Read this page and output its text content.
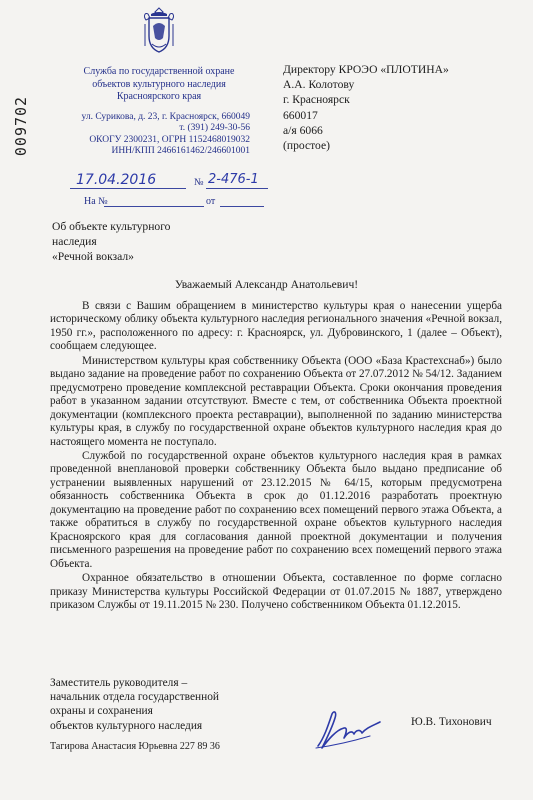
009702
Служба по государственной охране
объектов культурного наследия
Красноярского края
ул. Сурикова, д. 23, г. Красноярск, 660049
т. (391) 249-30-56
ОКОГУ 2300231, ОГРН 1152468019032
ИНН/КПП 2466161462/246601001
17.04.2016	№ 2-476-1
На №	от
Директору КРОЭО «ПЛОТИНА»
А.А. Колотову
г. Красноярск
660017
а/я 6066
(простое)
Об объекте культурного
наследия
«Речной вокзал»
Уважаемый Александр Анатольевич!

В связи с Вашим обращением в министерство культуры края о нанесении ущерба историческому облику объекта культурного наследия регионального значения «Речной вокзал, 1950 гг.», расположенного по адресу: г. Красноярск, ул. Дубровинского, 1 (далее – Объект), сообщаем следующее.

Министерством культуры края собственнику Объекта (ООО «База Крастехснаб») было выдано задание на проведение работ по сохранению Объекта от 27.07.2012 № 54/12. Заданием предусмотрено проведение комплексной реставрации Объекта. Сроки окончания проведения работ в указанном задании отсутствуют. Вместе с тем, от собственника Объекта проектной документации (комплексного проекта реставрации), выполненной по заданию министерства культуры края, в службу по государственной охране объектов культурного наследия края до настоящего момента не поступало.

Службой по государственной охране объектов культурного наследия края в рамках проведенной внеплановой проверки собственнику Объекта было выдано предписание об устранении выявленных нарушений от 23.12.2015 № 64/15, которым предусмотрена обязанность собственника Объекта в срок до 01.12.2016 разработать проектную документацию на проведение работ по сохранению всех помещений первого этажа Объекта, а также обратиться в службу по государственной охране объектов культурного наследия Красноярского края для согласования данной проектной документации и получения письменного разрешения на проведение работ по сохранению всех помещений первого этажа Объекта.

Охранное обязательство в отношении Объекта, составленное по форме согласно приказу Министерства культуры Российской Федерации от 01.07.2015 № 1887, утверждено приказом Службы от 19.11.2015 № 230. Получено собственником Объекта 01.12.2015.

Заместитель руководителя –
начальник отдела государственной
охраны и сохранения
объектов культурного наследия	Ю.В. Тихонович
Тагирова Анастасия Юрьевна 227 89 36
